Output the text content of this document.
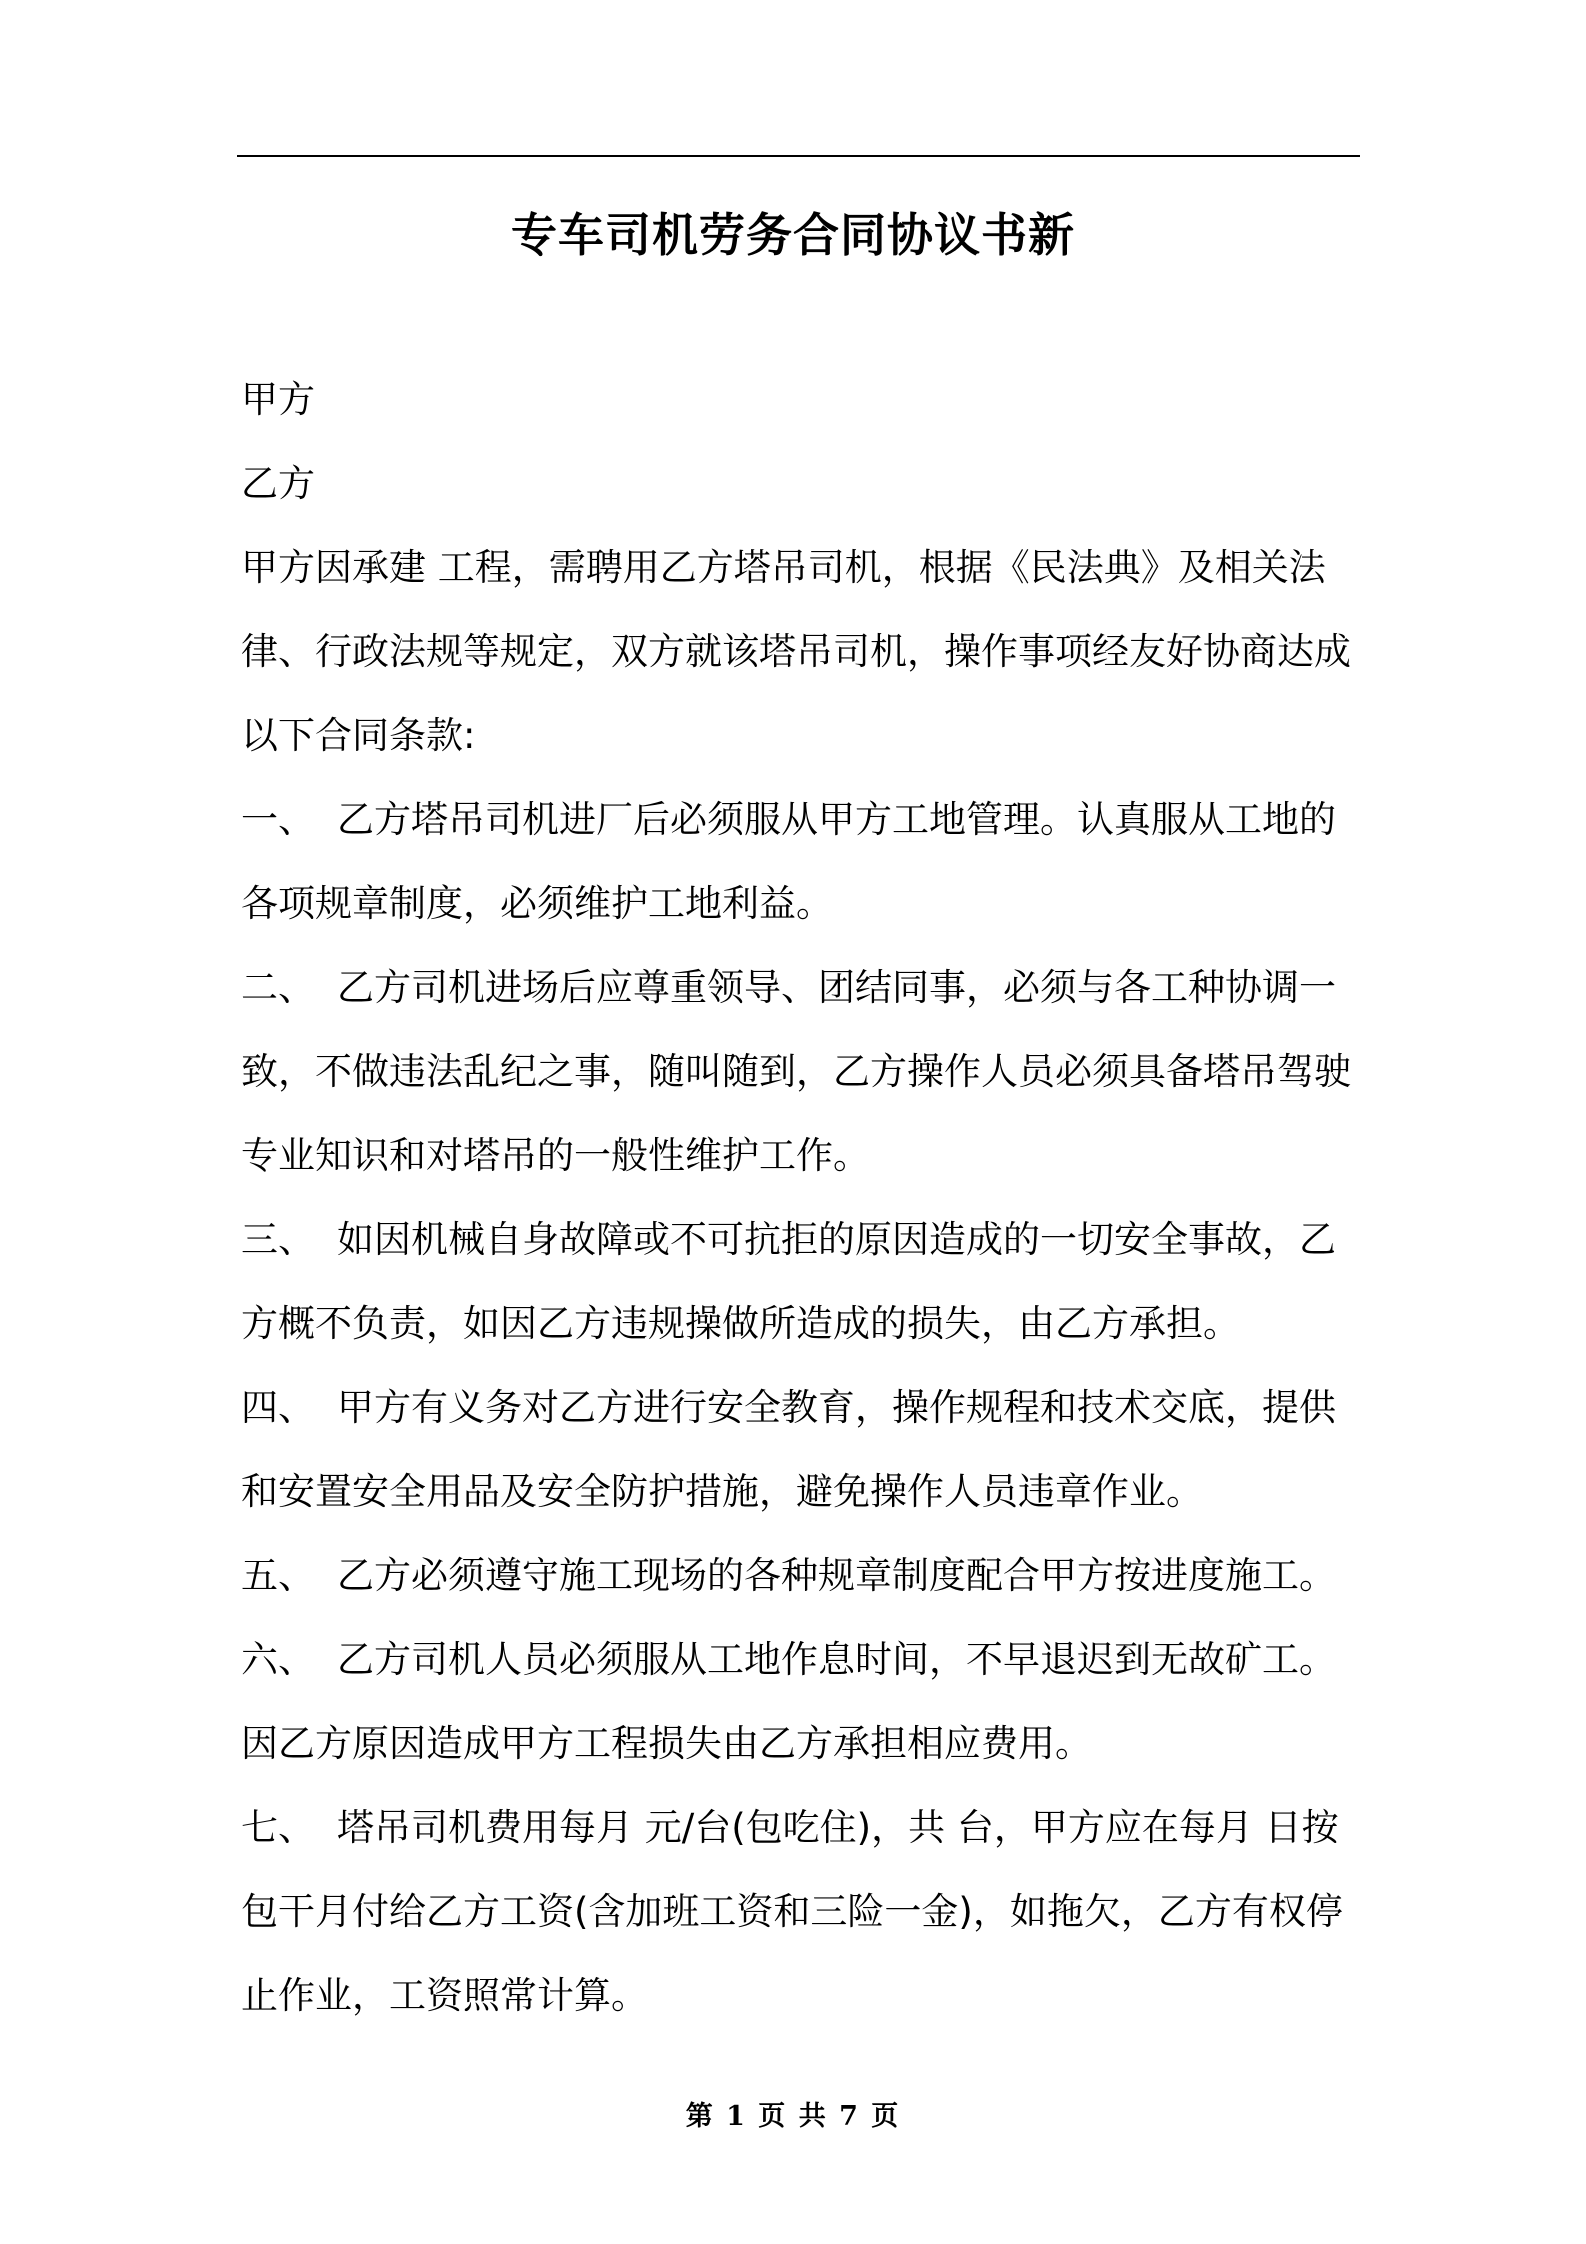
专车司机劳务合同协议书新

甲方

乙方

甲方因承建 工程，需聘用乙方塔吊司机，根据《民法典》及相关法律、行政法规等规定，双方就该塔吊司机，操作事项经友好协商达成以下合同条款:

一、 乙方塔吊司机进厂后必须服从甲方工地管理。认真服从工地的各项规章制度，必须维护工地利益。

二、 乙方司机进场后应尊重领导、团结同事，必须与各工种协调一致，不做违法乱纪之事，随叫随到，乙方操作人员必须具备塔吊驾驶专业知识和对塔吊的一般性维护工作。

三、 如因机械自身故障或不可抗拒的原因造成的一切安全事故，乙方概不负责，如因乙方违规操做所造成的损失，由乙方承担。

四、 甲方有义务对乙方进行安全教育，操作规程和技术交底，提供和安置安全用品及安全防护措施，避免操作人员违章作业。

五、 乙方必须遵守施工现场的各种规章制度配合甲方按进度施工。

六、 乙方司机人员必须服从工地作息时间，不早退迟到无故矿工。因乙方原因造成甲方工程损失由乙方承担相应费用。

七、 塔吊司机费用每月 元/台(包吃住)，共 台，甲方应在每月 日按包干月付给乙方工资(含加班工资和三险一金)，如拖欠，乙方有权停止作业，工资照常计算。

第 1 页 共 7 页
